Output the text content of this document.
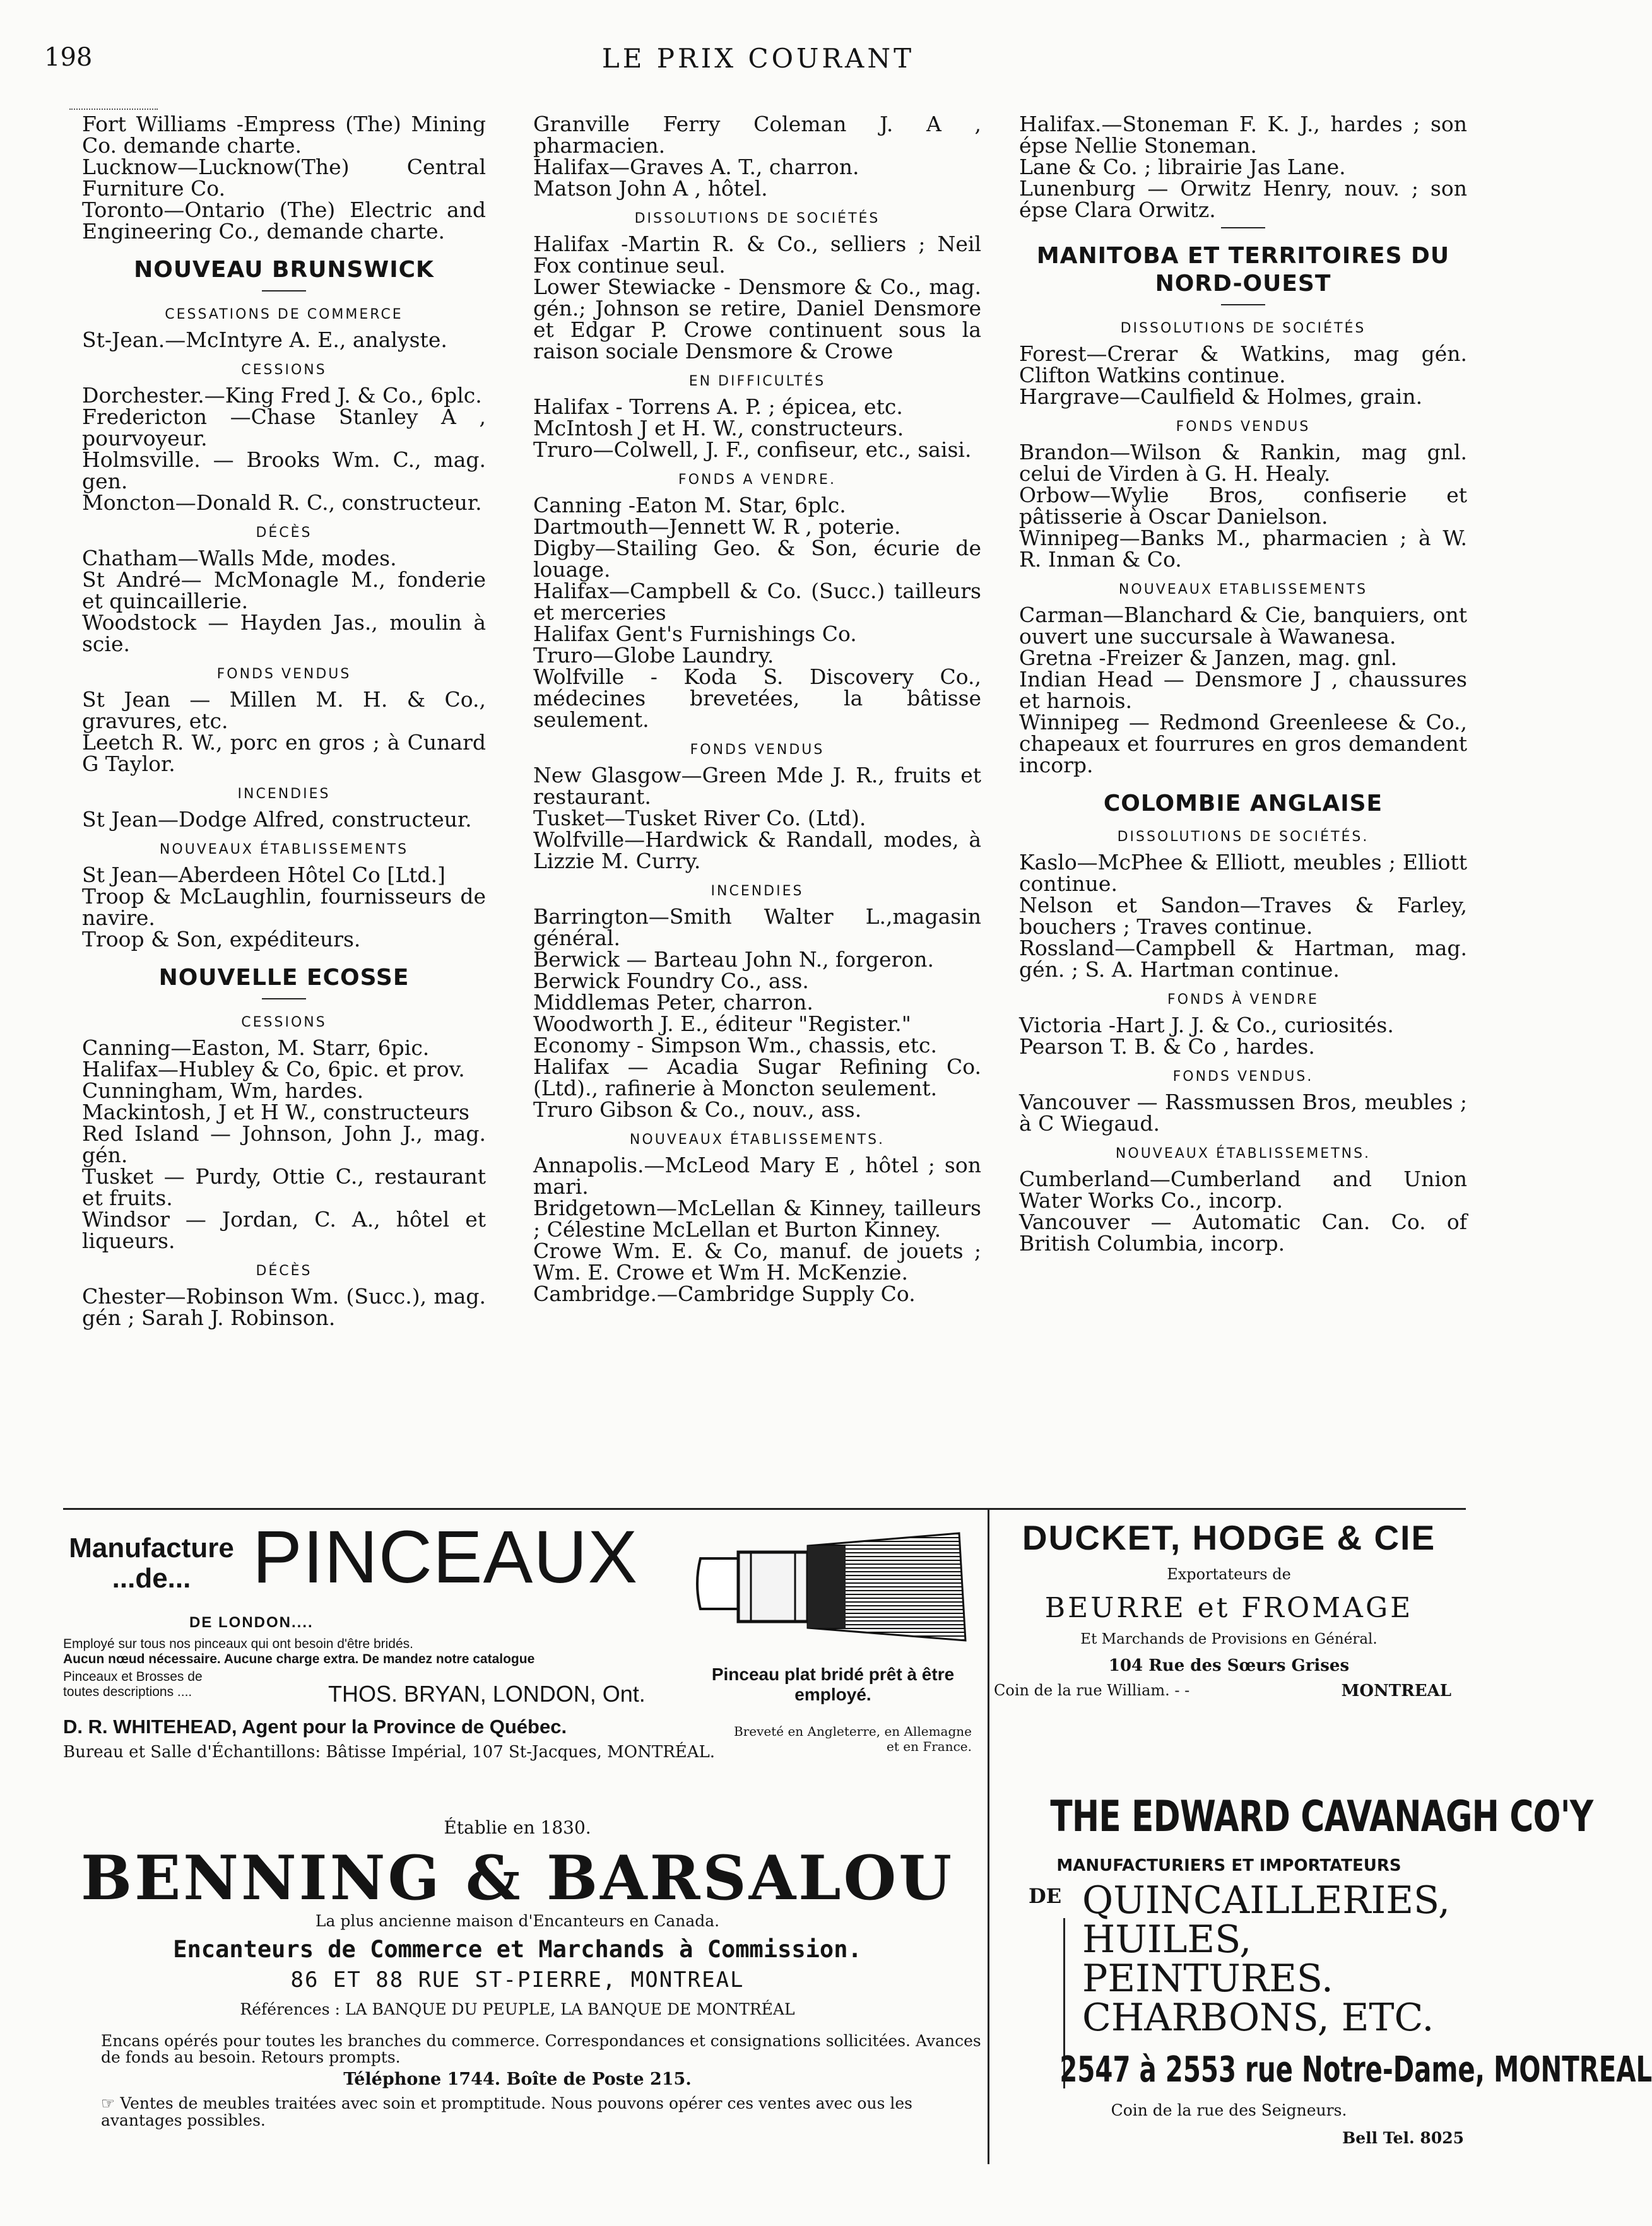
198	LE PRIX COURANT

Fort Williams -Empress (The) Mining Co. demande charte.

Lucknow—Lucknow(The) Central Furniture Co.

Toronto—Ontario (The) Electric and Engineering Co., demande charte.

NOUVEAU BRUNSWICK
CESSATIONS DE COMMERCE

St-Jean.—McIntyre A. E., analyste.

CESSIONS

Dorchester.—King Fred J. & Co., 6plc.

Fredericton —Chase Stanley A , pourvoyeur.

Holmsville. — Brooks Wm. C., mag. gen.

Moncton—Donald R. C., constructeur.

DÉCÈS

Chatham—Walls Mde, modes.

St André— McMonagle M., fonderie et quincaillerie.

Woodstock — Hayden Jas., moulin à scie.

FONDS VENDUS

St Jean — Millen M. H. & Co., gravures, etc.

Leetch R. W., porc en gros ; à Cunard G Taylor.

INCENDIES

St Jean—Dodge Alfred, constructeur.

NOUVEAUX ÉTABLISSEMENTS

St Jean—Aberdeen Hôtel Co [Ltd.]

Troop & McLaughlin, fournisseurs de navire.

Troop & Son, expéditeurs.

NOUVELLE ECOSSE
CESSIONS

Canning—Easton, M. Starr, 6pic.

Halifax—Hubley & Co, 6pic. et prov.

Cunningham, Wm, hardes.

Mackintosh, J et H W., constructeurs

Red Island — Johnson, John J., mag. gén.

Tusket — Purdy, Ottie C., restaurant et fruits.

Windsor — Jordan, C. A., hôtel et liqueurs.

DÉCÈS

Chester—Robinson Wm. (Succ.), mag. gén ; Sarah J. Robinson.

Granville Ferry Coleman J. A , pharmacien.

Halifax—Graves A. T., charron.

Matson John A , hôtel.

DISSOLUTIONS DE SOCIÉTÉS

Halifax -Martin R. & Co., selliers ; Neil Fox continue seul.

Lower Stewiacke - Densmore & Co., mag. gén.; Johnson se retire, Daniel Densmore et Edgar P. Crowe continuent sous la raison sociale Densmore & Crowe

EN DIFFICULTÉS

Halifax - Torrens A. P. ; épicea, etc.

McIntosh J et H. W., constructeurs.

Truro—Colwell, J. F., confiseur, etc., saisi.

FONDS A VENDRE.

Canning -Eaton M. Star, 6plc.

Dartmouth—Jennett W. R , poterie.

Digby—Stailing Geo. & Son, écurie de louage.

Halifax—Campbell & Co. (Succ.) tailleurs et merceries

Halifax Gent's Furnishings Co.

Truro—Globe Laundry.

Wolfville - Koda S. Discovery Co., médecines brevetées, la bâtisse seulement.

FONDS VENDUS

New Glasgow—Green Mde J. R., fruits et restaurant.

Tusket—Tusket River Co. (Ltd).

Wolfville—Hardwick & Randall, modes, à Lizzie M. Curry.

INCENDIES

Barrington—Smith Walter L.,magasin général.

Berwick — Barteau John N., forgeron.

Berwick Foundry Co., ass.

Middlemas Peter, charron.

Woodworth J. E., éditeur "Register."

Economy - Simpson Wm., chassis, etc.

Halifax — Acadia Sugar Refining Co. (Ltd)., rafinerie à Moncton seulement.

Truro Gibson & Co., nouv., ass.

NOUVEAUX ÉTABLISSEMENTS.

Annapolis.—McLeod Mary E , hôtel ; son mari.

Bridgetown—McLellan & Kinney, tailleurs ; Célestine McLellan et Burton Kinney.

Crowe Wm. E. & Co, manuf. de jouets ; Wm. E. Crowe et Wm H. McKenzie.

Cambridge.—Cambridge Supply Co.

Halifax.—Stoneman F. K. J., hardes ; son épse Nellie Stoneman.

Lane & Co. ; librairie Jas Lane.

Lunenburg — Orwitz Henry, nouv. ; son épse Clara Orwitz.

MANITOBA ET TERRITOIRES DU NORD-OUEST
DISSOLUTIONS DE SOCIÉTÉS

Forest—Crerar & Watkins, mag gén. Clifton Watkins continue.

Hargrave—Caulfield & Holmes, grain.

FONDS VENDUS

Brandon—Wilson & Rankin, mag gnl. celui de Virden à G. H. Healy.

Orbow—Wylie Bros, confiserie et pâtisserie à Oscar Danielson.

Winnipeg—Banks M., pharmacien ; à W. R. Inman & Co.

NOUVEAUX ETABLISSEMENTS

Carman—Blanchard & Cie, banquiers, ont ouvert une succursale à Wawanesa.

Gretna -Freizer & Janzen, mag. gnl.

Indian Head — Densmore J , chaussures et harnois.

Winnipeg — Redmond Greenleese & Co., chapeaux et fourrures en gros demandent incorp.

COLOMBIE ANGLAISE
DISSOLUTIONS DE SOCIÉTÉS.

Kaslo—McPhee & Elliott, meubles ; Elliott continue.

Nelson et Sandon—Traves & Farley, bouchers ; Traves continue.

Rossland—Campbell & Hartman, mag. gén. ; S. A. Hartman continue.

FONDS À VENDRE

Victoria -Hart J. J. & Co., curiosités.

Pearson T. B. & Co , hardes.

FONDS VENDUS.

Vancouver — Rassmussen Bros, meubles ; à C Wiegaud.

NOUVEAUX ÉTABLISSEMETNS.

Cumberland—Cumberland and Union Water Works Co., incorp.

Vancouver — Automatic Can. Co. of British Columbia, incorp.

Manufacture ...de... PINCEAUX
DE LONDON....
Employé sur tous nos pinceaux qui ont besoin d'être bridés.
Aucun nœud nécessaire. Aucune charge extra. De mandez notre catalogue
Pinceaux et Brosses de toutes descriptions ....	THOS. BRYAN, LONDON, Ont.
D. R. WHITEHEAD, Agent pour la Province de Québec.
Bureau et Salle d'Échantillons: Bâtisse Impérial, 107 St-Jacques, MONTRÉAL.
Pinceau plat bridé prêt à être employé.
Breveté en Angleterre, en Allemagne et en France.
Établie en 1830.
BENNING & BARSALOU
La plus ancienne maison d'Encanteurs en Canada.
Encanteurs de Commerce et Marchands à Commission.
86 ET 88 RUE ST-PIERRE, MONTREAL
Références : LA BANQUE DU PEUPLE, LA BANQUE DE MONTRÉAL
Encans opérés pour toutes les branches du commerce. Correspondances et consignations sollicitées. Avances de fonds au besoin. Retours prompts.
Téléphone 1744. Boîte de Poste 215.
☞ Ventes de meubles traitées avec soin et promptitude. Nous pouvons opérer ces ventes avec ous les avantages possibles.
DUCKET, HODGE & CIE
Exportateurs de
BEURRE et FROMAGE
Et Marchands de Provisions en Général.
104 Rue des Sœurs Grises
Coin de la rue William. - -	MONTREAL
THE EDWARD CAVANAGH CO'Y
MANUFACTURIERS ET IMPORTATEURS
DE QUINCAILLERIES,
HUILES,
PEINTURES.
CHARBONS, ETC.
2547 à 2553 rue Notre-Dame, MONTREAL
Coin de la rue des Seigneurs.
Bell Tel. 8025
